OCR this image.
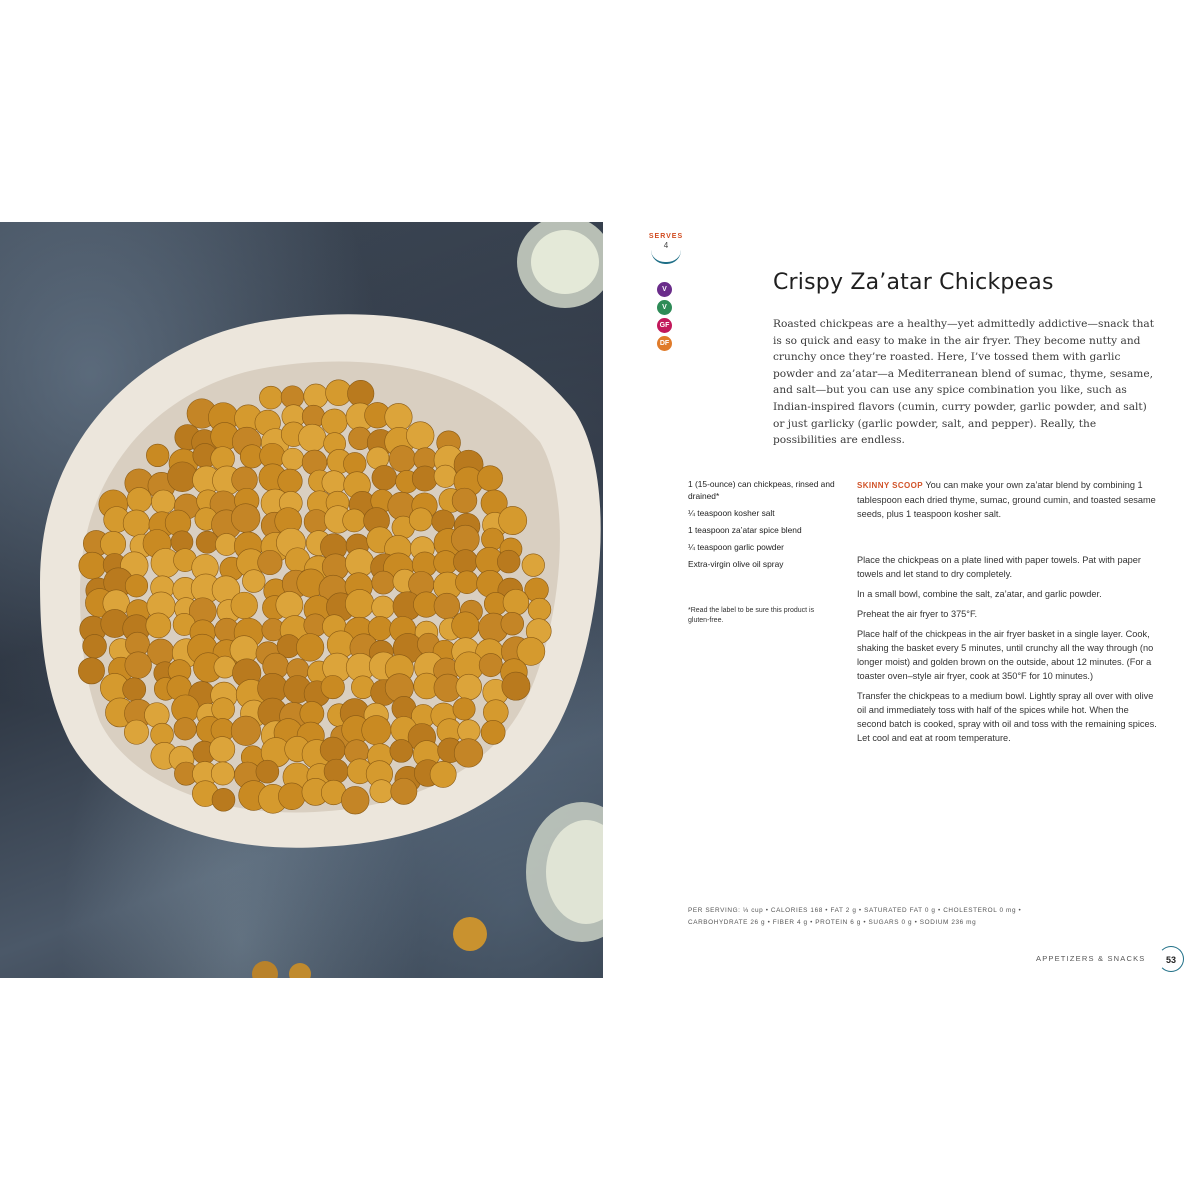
SERVES
4
V
V
GF
DF
Crispy Za’atar Chickpeas
Roasted chickpeas are a healthy—yet admittedly addictive—snack that is so quick and easy to make in the air fryer. They become nutty and crunchy once they’re roasted. Here, I’ve tossed them with garlic powder and za’atar—a Mediterranean blend of sumac, thyme, sesame, and salt—but you can use any spice combination you like, such as Indian-inspired flavors (cumin, curry powder, garlic powder, and salt) or just garlicky (garlic powder, salt, and pepper). Really, the possibilities are endless.
1 (15-ounce) can chickpeas, rinsed and drained*
¼ teaspoon kosher salt
1 teaspoon za’atar spice blend
¼ teaspoon garlic powder
Extra-virgin olive oil spray
*Read the label to be sure this product is gluten-free.

SKINNY SCOOP You can make your own za’atar blend by combining 1 tablespoon each dried thyme, sumac, ground cumin, and toasted sesame seeds, plus 1 teaspoon kosher salt.

Place the chickpeas on a plate lined with paper towels. Pat with paper towels and let stand to dry completely.

In a small bowl, combine the salt, za’atar, and garlic powder.

Preheat the air fryer to 375°F.

Place half of the chickpeas in the air fryer basket in a single layer. Cook, shaking the basket every 5 minutes, until crunchy all the way through (no longer moist) and golden brown on the outside, about 12 minutes. (For a toaster oven–style air fryer, cook at 350°F for 10 minutes.)

Transfer the chickpeas to a medium bowl. Lightly spray all over with olive oil and immediately toss with half of the spices while hot. When the second batch is cooked, spray with oil and toss with the remaining spices. Let cool and eat at room temperature.

PER SERVING: ⅓ cup • CALORIES 168 • FAT 2 g • SATURATED FAT 0 g • CHOLESTEROL 0 mg •
CARBOHYDRATE 26 g • FIBER 4 g • PROTEIN 6 g • SUGARS 0 g • SODIUM 236 mg
APPETIZERS & SNACKS	53
